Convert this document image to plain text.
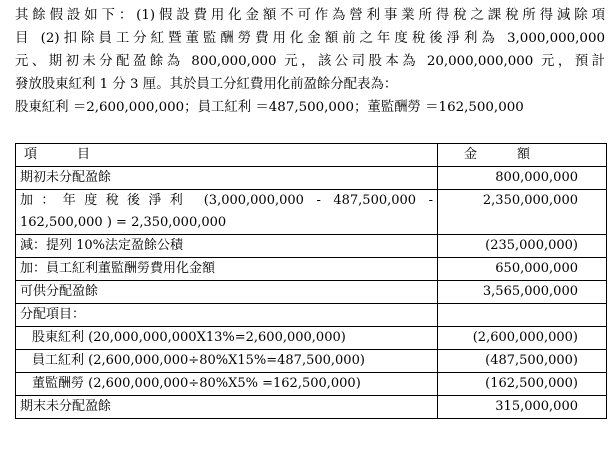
其餘假設如下：(1)假設費用化金額不可作為營利事業所得稅之課稅所得減除項
目 (2)扣除員工分紅暨董監酬勞費用化金額前之年度稅後淨利為 3,000,000,000
元、期初未分配盈餘為 800,000,000 元，該公司股本為 20,000,000,000 元，預計
發放股東紅利 1 分 3 厘。其於員工分紅費用化前盈餘分配表為：
股東紅利 ＝2,600,000,000；員工紅利 ＝487,500,000；董監酬勞 ＝162,500,000
項 目	金 額
期初未分配盈餘	800,000,000

加：年度稅後淨利 (3,000,000,000 - 487,500,000 -
162,500,000 ) = 2,350,000,000	2,350,000,000
減：提列 10%法定盈餘公積	(235,000,000)
加：員工紅利董監酬勞費用化金額	650,000,000
可供分配盈餘	3,565,000,000
分配項目：	
股東紅利 (20,000,000,000X13%=2,600,000,000)	(2,600,000,000)
員工紅利 (2,600,000,000÷80%X15%=487,500,000)	(487,500,000)
董監酬勞 (2,600,000,000÷80%X5% =162,500,000)	(162,500,000)
期末未分配盈餘	315,000,000
